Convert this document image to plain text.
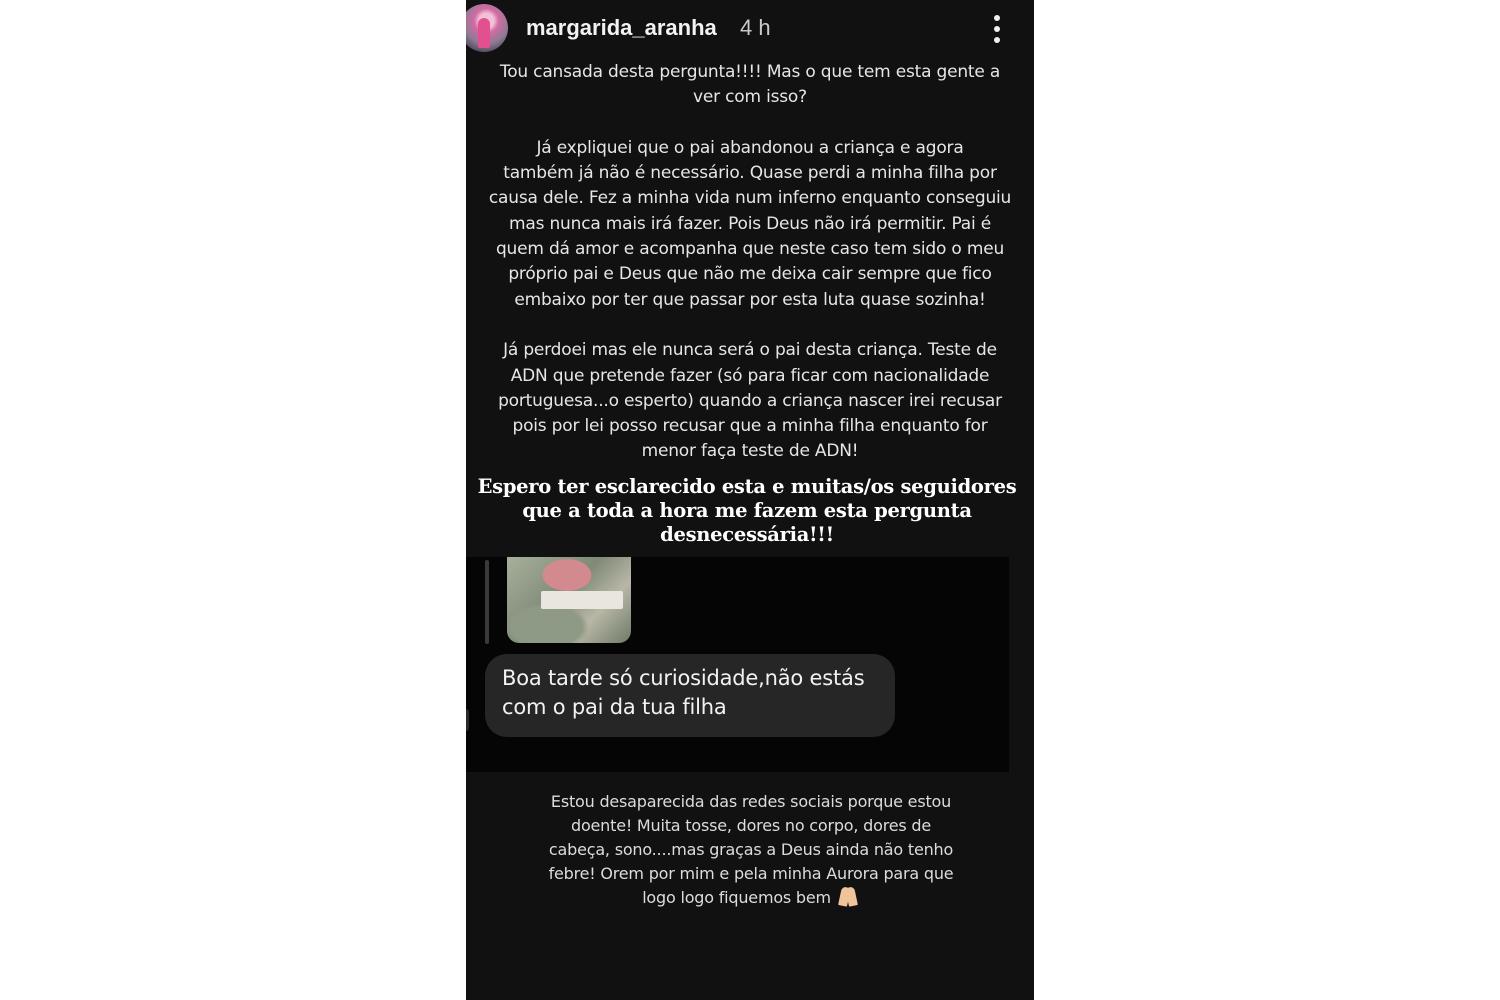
margarida_aranha 4 h
Tou cansada desta pergunta!!!! Mas o que tem esta gente a
ver com isso?

Já expliquei que o pai abandonou a criança e agora
também já não é necessário. Quase perdi a minha filha por
causa dele. Fez a minha vida num inferno enquanto conseguiu
mas nunca mais irá fazer. Pois Deus não irá permitir. Pai é
quem dá amor e acompanha que neste caso tem sido o meu
próprio pai e Deus que não me deixa cair sempre que fico
embaixo por ter que passar por esta luta quase sozinha!

Já perdoei mas ele nunca será o pai desta criança. Teste de
ADN que pretende fazer (só para ficar com nacionalidade
portuguesa...o esperto) quando a criança nascer irei recusar
pois por lei posso recusar que a minha filha enquanto for
menor faça teste de ADN!
Espero ter esclarecido esta e muitas/os seguidores
que a toda a hora me fazem esta pergunta
desnecessária!!!
Boa tarde só curiosidade,não estás
com o pai da tua filha
Estou desaparecida das redes sociais porque estou
doente! Muita tosse, dores no corpo, dores de
cabeça, sono....mas graças a Deus ainda não tenho
febre! Orem por mim e pela minha Aurora para que
logo logo fiquemos bem
